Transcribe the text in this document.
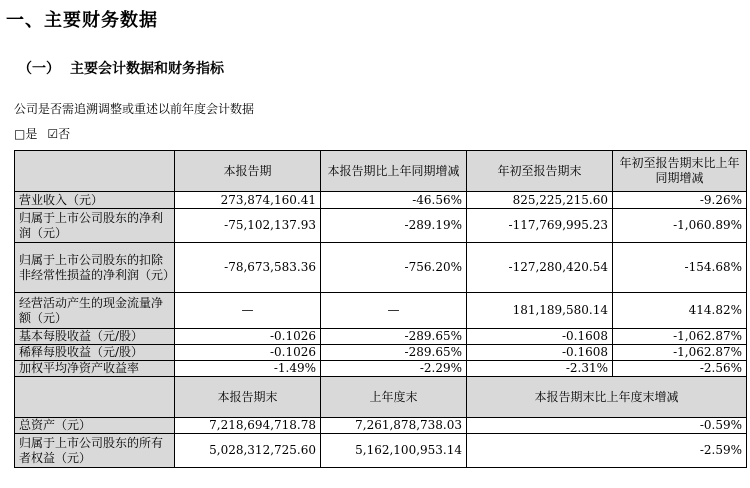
一、主要财务数据
（一） 主要会计数据和财务指标
公司是否需追溯调整或重述以前年度会计数据
□是 ☑否
	本报告期	本报告期比上年同期增减	年初至报告期末	年初至报告期末比上年同期增减
营业收入（元）	273,874,160.41	-46.56%	825,225,215.60	-9.26%
归属于上市公司股东的净利润（元）	-75,102,137.93	-289.19%	-117,769,995.23	-1,060.89%
归属于上市公司股东的扣除非经常性损益的净利润（元）	-78,673,583.36	-756.20%	-127,280,420.54	-154.68%
经营活动产生的现金流量净额（元）	—	—	181,189,580.14	414.82%
基本每股收益（元/股）	-0.1026	-289.65%	-0.1608	-1,062.87%
稀释每股收益（元/股）	-0.1026	-289.65%	-0.1608	-1,062.87%
加权平均净资产收益率	-1.49%	-2.29%	-2.31%	-2.56%
	本报告期末	上年度末	本报告期末比上年度末增减	
总资产（元）	7,218,694,718.78	7,261,878,738.03	-0.59%	
归属于上市公司股东的所有者权益（元）	5,028,312,725.60	5,162,100,953.14	-2.59%	
